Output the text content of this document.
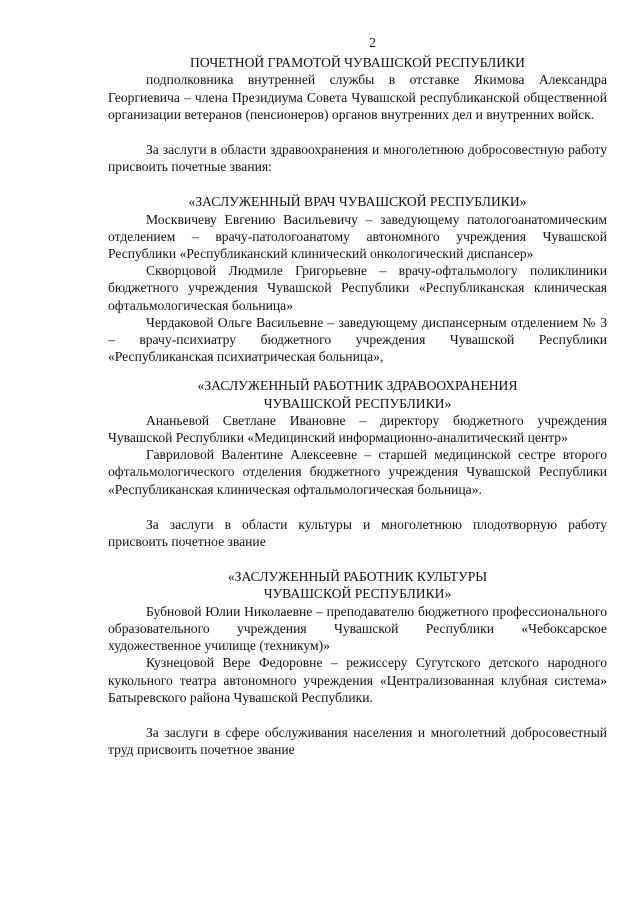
2
ПОЧЕТНОЙ ГРАМОТОЙ ЧУВАШСКОЙ РЕСПУБЛИКИ

подполковника внутренней службы в отставке Якимова Александра Георгиевича – члена Президиума Совета Чувашской республиканской общественной организации ветеранов (пенсионеров) органов внутренних дел и внутренних войск.

За заслуги в области здравоохранения и многолетнюю добросовестную работу присвоить почетные звания:

«ЗАСЛУЖЕННЫЙ ВРАЧ ЧУВАШСКОЙ РЕСПУБЛИКИ»

Москвичеву Евгению Васильевичу – заведующему патологоанатомическим отделением – врачу-патологоанатому автономного учреждения Чувашской Республики «Республиканский клинический онкологический диспансер»

Скворцовой Людмиле Григорьевне – врачу-офтальмологу поликлиники бюджетного учреждения Чувашской Республики «Республиканская клиническая офтальмологическая больница»

Чердаковой Ольге Васильевне – заведующему диспансерным отделением № 3 – врачу-психиатру бюджетного учреждения Чувашской Республики «Республиканская психиатрическая больница»,

«ЗАСЛУЖЕННЫЙ РАБОТНИК ЗДРАВООХРАНЕНИЯ
ЧУВАШСКОЙ РЕСПУБЛИКИ»

Ананьевой Светлане Ивановне – директору бюджетного учреждения Чувашской Республики «Медицинский информационно-аналитический центр»

Гавриловой Валентине Алексеевне – старшей медицинской сестре второго офтальмологического отделения бюджетного учреждения Чувашской Республики «Республиканская клиническая офтальмологическая больница».

За заслуги в области культуры и многолетнюю плодотворную работу присвоить почетное звание

«ЗАСЛУЖЕННЫЙ РАБОТНИК КУЛЬТУРЫ
ЧУВАШСКОЙ РЕСПУБЛИКИ»

Бубновой Юлии Николаевне – преподавателю бюджетного профессионального образовательного учреждения Чувашской Республики «Чебоксарское художественное училище (техникум)»

Кузнецовой Вере Федоровне – режиссеру Сугутского детского народного кукольного театра автономного учреждения «Централизованная клубная система» Батыревского района Чувашской Республики.

За заслуги в сфере обслуживания населения и многолетний добросовестный труд присвоить почетное звание
